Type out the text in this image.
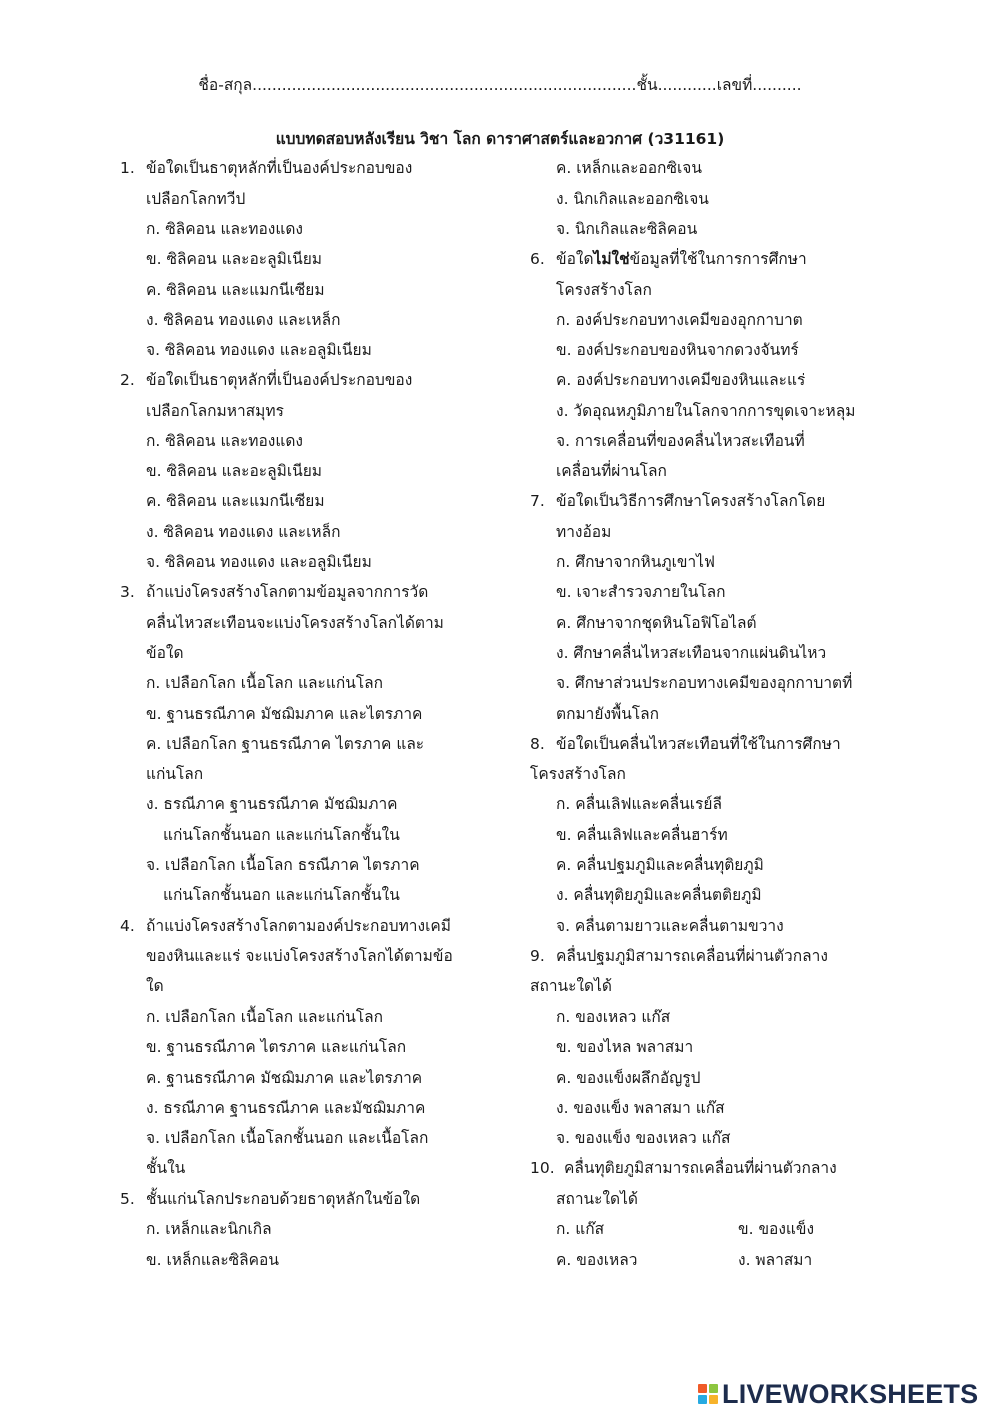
ชื่อ-สกุล..............................................................................ชั้น............เลขที่..........
แบบทดสอบหลังเรียน วิชา โลก ดาราศาสตร์และอวกาศ (ว31161)
1. ข้อใดเป็นธาตุหลักที่เป็นองค์ประกอบของ
เปลือกโลกทวีป
ก. ซิลิคอน และทองแดง
ข. ซิลิคอน และอะลูมิเนียม
ค. ซิลิคอน และแมกนีเซียม
ง. ซิลิคอน ทองแดง และเหล็ก
จ. ซิลิคอน ทองแดง และอลูมิเนียม
2. ข้อใดเป็นธาตุหลักที่เป็นองค์ประกอบของ
เปลือกโลกมหาสมุทร
ก. ซิลิคอน และทองแดง
ข. ซิลิคอน และอะลูมิเนียม
ค. ซิลิคอน และแมกนีเซียม
ง. ซิลิคอน ทองแดง และเหล็ก
จ. ซิลิคอน ทองแดง และอลูมิเนียม
3. ถ้าแบ่งโครงสร้างโลกตามข้อมูลจากการวัด
คลื่นไหวสะเทือนจะแบ่งโครงสร้างโลกได้ตาม
ข้อใด
ก. เปลือกโลก เนื้อโลก และแก่นโลก
ข. ฐานธรณีภาค มัชฌิมภาค และไตรภาค
ค. เปลือกโลก ฐานธรณีภาค ไตรภาค และ
แก่นโลก
ง. ธรณีภาค ฐานธรณีภาค มัชฌิมภาค
แก่นโลกชั้นนอก และแก่นโลกชั้นใน
จ. เปลือกโลก เนื้อโลก ธรณีภาค ไตรภาค
แก่นโลกชั้นนอก และแก่นโลกชั้นใน
4. ถ้าแบ่งโครงสร้างโลกตามองค์ประกอบทางเคมี
ของหินและแร่ จะแบ่งโครงสร้างโลกได้ตามข้อ
ใด
ก. เปลือกโลก เนื้อโลก และแก่นโลก
ข. ฐานธรณีภาค ไตรภาค และแก่นโลก
ค. ฐานธรณีภาค มัชฌิมภาค และไตรภาค
ง. ธรณีภาค ฐานธรณีภาค และมัชฌิมภาค
จ. เปลือกโลก เนื้อโลกชั้นนอก และเนื้อโลก
ชั้นใน
5. ชั้นแก่นโลกประกอบด้วยธาตุหลักในข้อใด
ก. เหล็กและนิกเกิล
ข. เหล็กและซิลิคอน
ค. เหล็กและออกซิเจน
ง. นิกเกิลและออกซิเจน
จ. นิกเกิลและซิลิคอน
6. ข้อใดไม่ใช่ข้อมูลที่ใช้ในการการศึกษา
โครงสร้างโลก
ก. องค์ประกอบทางเคมีของอุกกาบาต
ข. องค์ประกอบของหินจากดวงจันทร์
ค. องค์ประกอบทางเคมีของหินและแร่
ง. วัดอุณหภูมิภายในโลกจากการขุดเจาะหลุม
จ. การเคลื่อนที่ของคลื่นไหวสะเทือนที่
เคลื่อนที่ผ่านโลก
7. ข้อใดเป็นวิธีการศึกษาโครงสร้างโลกโดย
ทางอ้อม
ก. ศึกษาจากหินภูเขาไฟ
ข. เจาะสำรวจภายในโลก
ค. ศึกษาจากชุดหินโอฟิโอไลต์
ง. ศึกษาคลื่นไหวสะเทือนจากแผ่นดินไหว
จ. ศึกษาส่วนประกอบทางเคมีของอุกกาบาตที่
ตกมายังพื้นโลก
8. ข้อใดเป็นคลื่นไหวสะเทือนที่ใช้ในการศึกษา
โครงสร้างโลก
ก. คลื่นเลิฟและคลื่นเรย์ลี
ข. คลื่นเลิฟและคลื่นฮาร์ท
ค. คลื่นปฐมภูมิและคลื่นทุติยภูมิ
ง. คลื่นทุติยภูมิและคลื่นตติยภูมิ
จ. คลื่นตามยาวและคลื่นตามขวาง
9. คลื่นปฐมภูมิสามารถเคลื่อนที่ผ่านตัวกลาง
สถานะใดได้
ก. ของเหลว แก๊ส
ข. ของไหล พลาสมา
ค. ของแข็งผลึกอัญรูป
ง. ของแข็ง พลาสมา แก๊ส
จ. ของแข็ง ของเหลว แก๊ส
10. คลื่นทุติยภูมิสามารถเคลื่อนที่ผ่านตัวกลาง
สถานะใดได้
ก. แก๊ส	ข. ของแข็ง
ค. ของเหลว	ง. พลาสมา
LIVEWORKSHEETS
